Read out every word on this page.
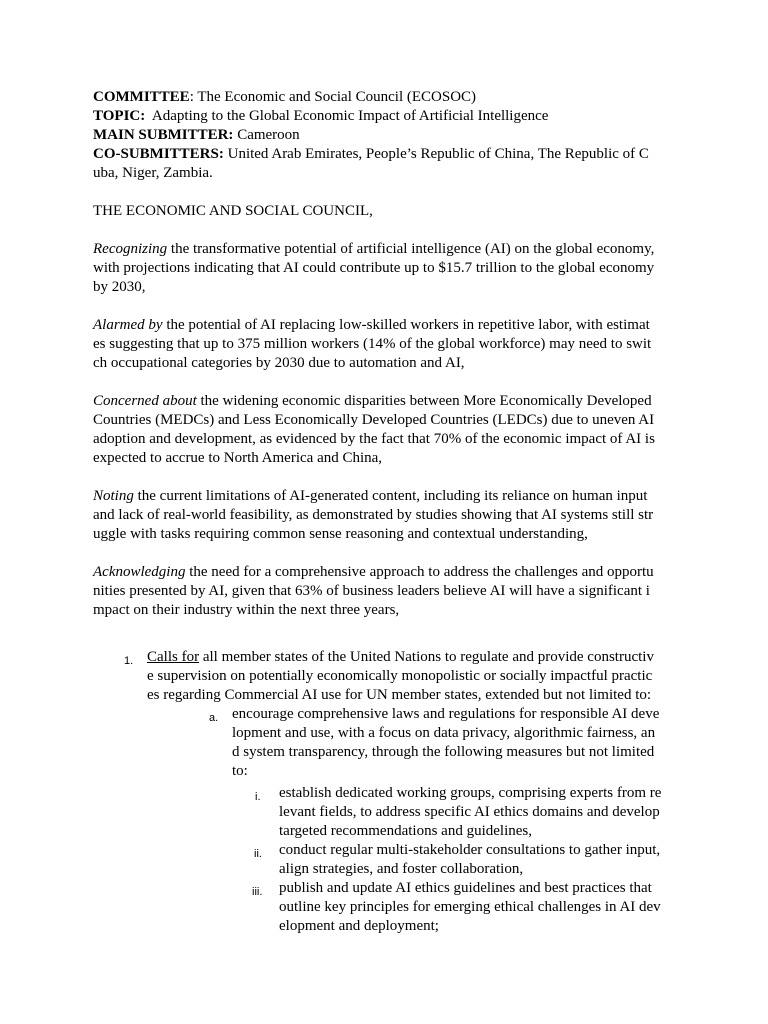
COMMITTEE: The Economic and Social Council (ECOSOC)
TOPIC:  Adapting to the Global Economic Impact of Artificial Intelligence
MAIN SUBMITTER: Cameroon
CO-SUBMITTERS: United Arab Emirates, People’s Republic of China, The Republic of C
uba, Niger, Zambia.
THE ECONOMIC AND SOCIAL COUNCIL,
Recognizing the transformative potential of artificial intelligence (AI) on the global economy,
with projections indicating that AI could contribute up to $15.7 trillion to the global economy
by 2030,
Alarmed by the potential of AI replacing low-skilled workers in repetitive labor, with estimat
es suggesting that up to 375 million workers (14% of the global workforce) may need to swit
ch occupational categories by 2030 due to automation and AI,
Concerned about the widening economic disparities between More Economically Developed
Countries (MEDCs) and Less Economically Developed Countries (LEDCs) due to uneven AI
adoption and development, as evidenced by the fact that 70% of the economic impact of AI is
expected to accrue to North America and China,
Noting the current limitations of AI-generated content, including its reliance on human input
and lack of real-world feasibility, as demonstrated by studies showing that AI systems still str
uggle with tasks requiring common sense reasoning and contextual understanding,
Acknowledging the need for a comprehensive approach to address the challenges and opportu
nities presented by AI, given that 63% of business leaders believe AI will have a significant i
mpact on their industry within the next three years,
1. Calls for all member states of the United Nations to regulate and provide constructiv
e supervision on potentially economically monopolistic or socially impactful practic
es regarding Commercial AI use for UN member states, extended but not limited to:
a. encourage comprehensive laws and regulations for responsible AI deve
lopment and use, with a focus on data privacy, algorithmic fairness, an
d system transparency, through the following measures but not limited
to:
i. establish dedicated working groups, comprising experts from re
levant fields, to address specific AI ethics domains and develop
targeted recommendations and guidelines,
ii. conduct regular multi-stakeholder consultations to gather input,
align strategies, and foster collaboration,
iii. publish and update AI ethics guidelines and best practices that
outline key principles for emerging ethical challenges in AI dev
elopment and deployment;
